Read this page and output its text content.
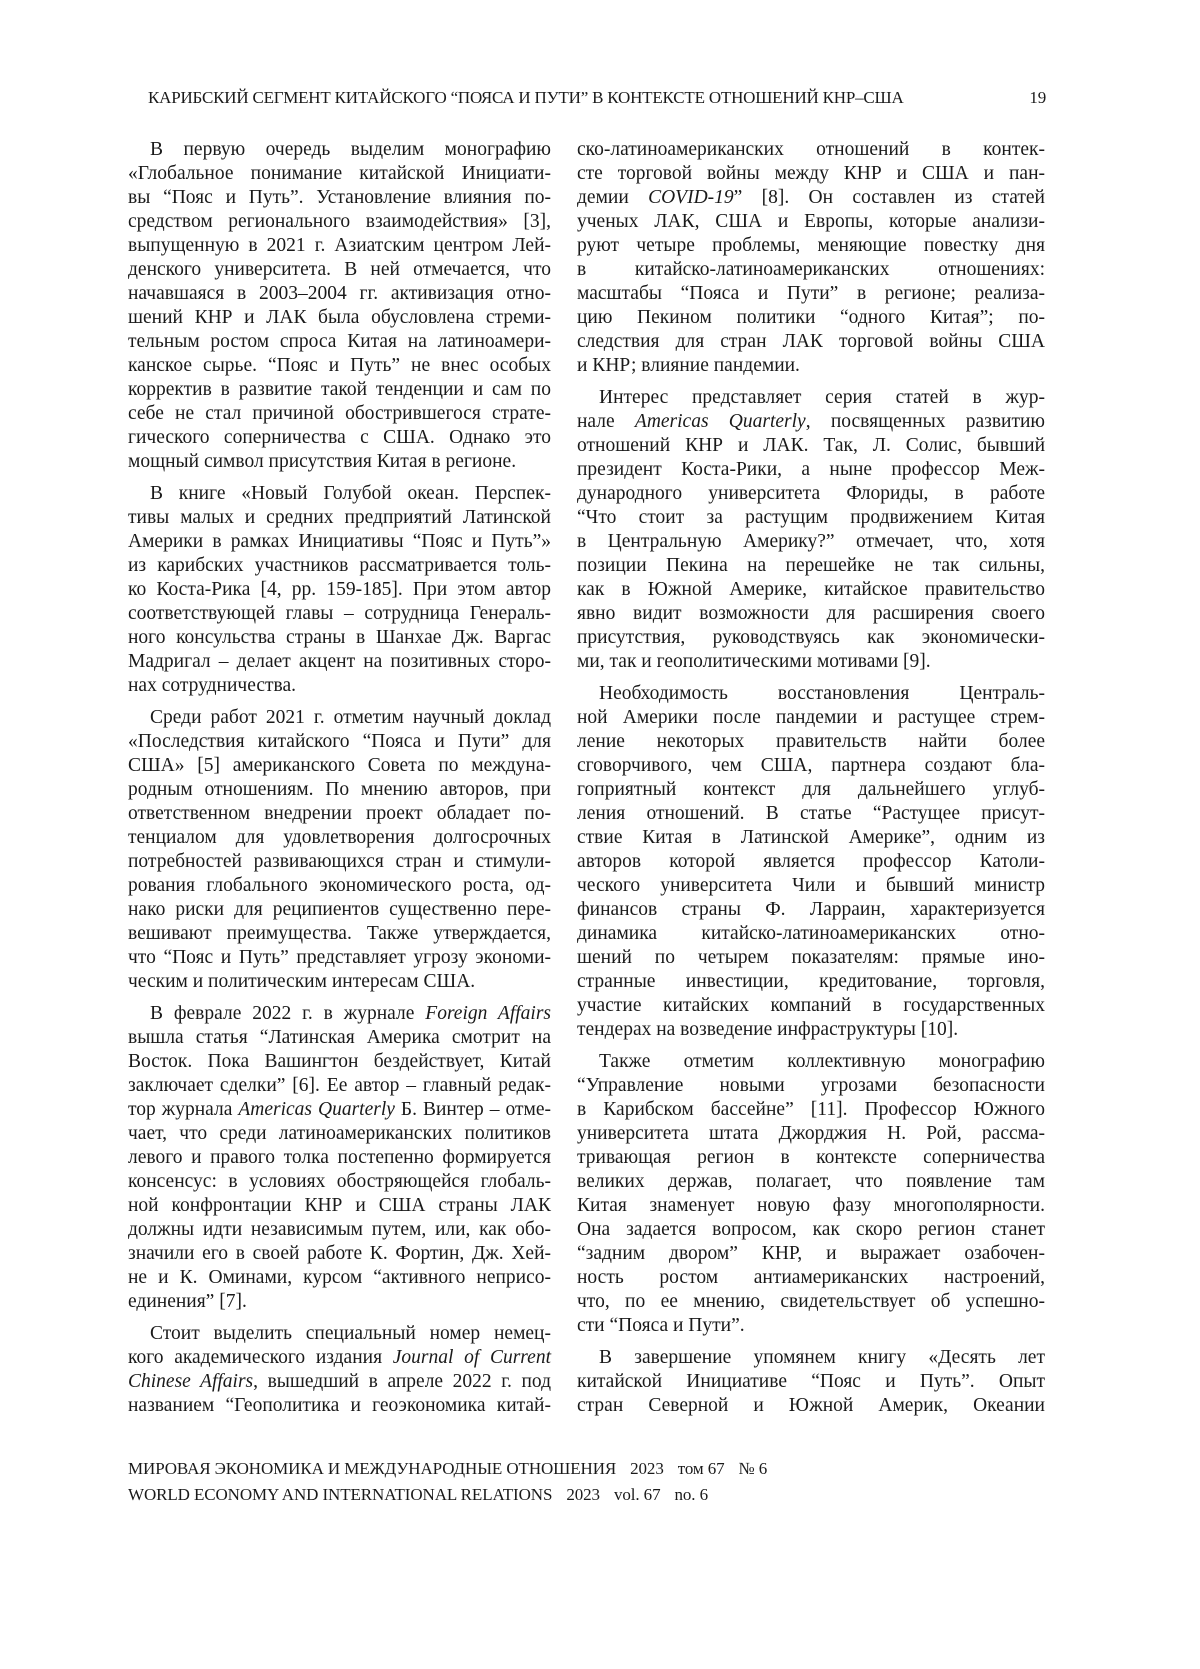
КАРИБСКИЙ СЕГМЕНТ КИТАЙСКОГО “ПОЯСА И ПУТИ” В КОНТЕКСТЕ ОТНОШЕНИЙ КНР–США	19
В первую очередь выделим монографию
«Глобальное понимание китайской Инициати-
вы “Пояс и Путь”. Установление влияния по-
средством регионального взаимодействия» [3],
выпущенную в 2021 г. Азиатским центром Лей-
денского университета. В ней отмечается, что
начавшаяся в 2003–2004 гг. активизация отно-
шений КНР и ЛАК была обусловлена стреми-
тельным ростом спроса Китая на латиноамери-
канское сырье. “Пояс и Путь” не внес особых
корректив в развитие такой тенденции и сам по
себе не стал причиной обострившегося страте-
гического соперничества с США. Однако это
мощный символ присутствия Китая в регионе.
В книге «Новый Голубой океан. Перспек-
тивы малых и средних предприятий Латинской
Америки в рамках Инициативы “Пояс и Путь”»
из карибских участников рассматривается толь-
ко Коста-Рика [4, pp. 159-185]. При этом автор
соответствующей главы – сотрудница Генераль-
ного консульства страны в Шанхае Дж. Варгас
Мадригал – делает акцент на позитивных сторо-
нах сотрудничества.
Среди работ 2021 г. отметим научный доклад
«Последствия китайского “Пояса и Пути” для
США» [5] американского Совета по междуна-
родным отношениям. По мнению авторов, при
ответственном внедрении проект обладает по-
тенциалом для удовлетворения долгосрочных
потребностей развивающихся стран и стимули-
рования глобального экономического роста, од-
нако риски для реципиентов существенно пере-
вешивают преимущества. Также утверждается,
что “Пояс и Путь” представляет угрозу экономи-
ческим и политическим интересам США.
В феврале 2022 г. в журнале Foreign Affairs
вышла статья “Латинская Америка смотрит на
Восток. Пока Вашингтон бездействует, Китай
заключает сделки” [6]. Ее автор – главный редак-
тор журнала Americas Quarterly Б. Винтер – отме-
чает, что среди латиноамериканских политиков
левого и правого толка постепенно формируется
консенсус: в условиях обостряющейся глобаль-
ной конфронтации КНР и США страны ЛАК
должны идти независимым путем, или, как обо-
значили его в своей работе К. Фортин, Дж. Хей-
не и К. Оминами, курсом “активного неприсо-
единения” [7].
Стоит выделить специальный номер немец-
кого академического издания Journal of Current
Chinese Affairs, вышедший в апреле 2022 г. под
названием “Геополитика и геоэкономика китай-
ско-латиноамериканских отношений в контек-
сте торговой войны между КНР и США и пан-
демии COVID-19” [8]. Он составлен из статей
ученых ЛАК, США и Европы, которые анализи-
руют четыре проблемы, меняющие повестку дня
в китайско-латиноамериканских отношениях:
масштабы “Пояса и Пути” в регионе; реализа-
цию Пекином политики “одного Китая”; по-
следствия для стран ЛАК торговой войны США
и КНР; влияние пандемии.
Интерес представляет серия статей в жур-
нале Americas Quarterly, посвященных развитию
отношений КНР и ЛАК. Так, Л. Солис, бывший
президент Коста-Рики, а ныне профессор Меж-
дународного университета Флориды, в работе
“Что стоит за растущим продвижением Китая
в Центральную Америку?” отмечает, что, хотя
позиции Пекина на перешейке не так сильны,
как в Южной Америке, китайское правительство
явно видит возможности для расширения своего
присутствия, руководствуясь как экономически-
ми, так и геополитическими мотивами [9].
Необходимость восстановления Централь-
ной Америки после пандемии и растущее стрем-
ление некоторых правительств найти более
сговорчивого, чем США, партнера создают бла-
гоприятный контекст для дальнейшего углуб-
ления отношений. В статье “Растущее присут-
ствие Китая в Латинской Америке”, одним из
авторов которой является профессор Католи-
ческого университета Чили и бывший министр
финансов страны Ф. Ларраин, характеризуется
динамика китайско-латиноамериканских отно-
шений по четырем показателям: прямые ино-
странные инвестиции, кредитование, торговля,
участие китайских компаний в государственных
тендерах на возведение инфраструктуры [10].
Также отметим коллективную монографию
“Управление новыми угрозами безопасности
в Карибском бассейне” [11]. Профессор Южного
университета штата Джорджия Н. Рой, рассма-
тривающая регион в контексте соперничества
великих держав, полагает, что появление там
Китая знаменует новую фазу многополярности.
Она задается вопросом, как скоро регион станет
“задним двором” КНР, и выражает озабочен-
ность ростом антиамериканских настроений,
что, по ее мнению, свидетельствует об успешно-
сти “Пояса и Пути”.
В завершение упомянем книгу «Десять лет
китайской Инициативе “Пояс и Путь”. Опыт
стран Северной и Южной Америк, Океании
МИРОВАЯ ЭКОНОМИКА И МЕЖДУНАРОДНЫЕ ОТНОШЕНИЯ 2023 том 67 № 6
WORLD ECONOMY AND INTERNATIONAL RELATIONS 2023 vol. 67 no. 6
